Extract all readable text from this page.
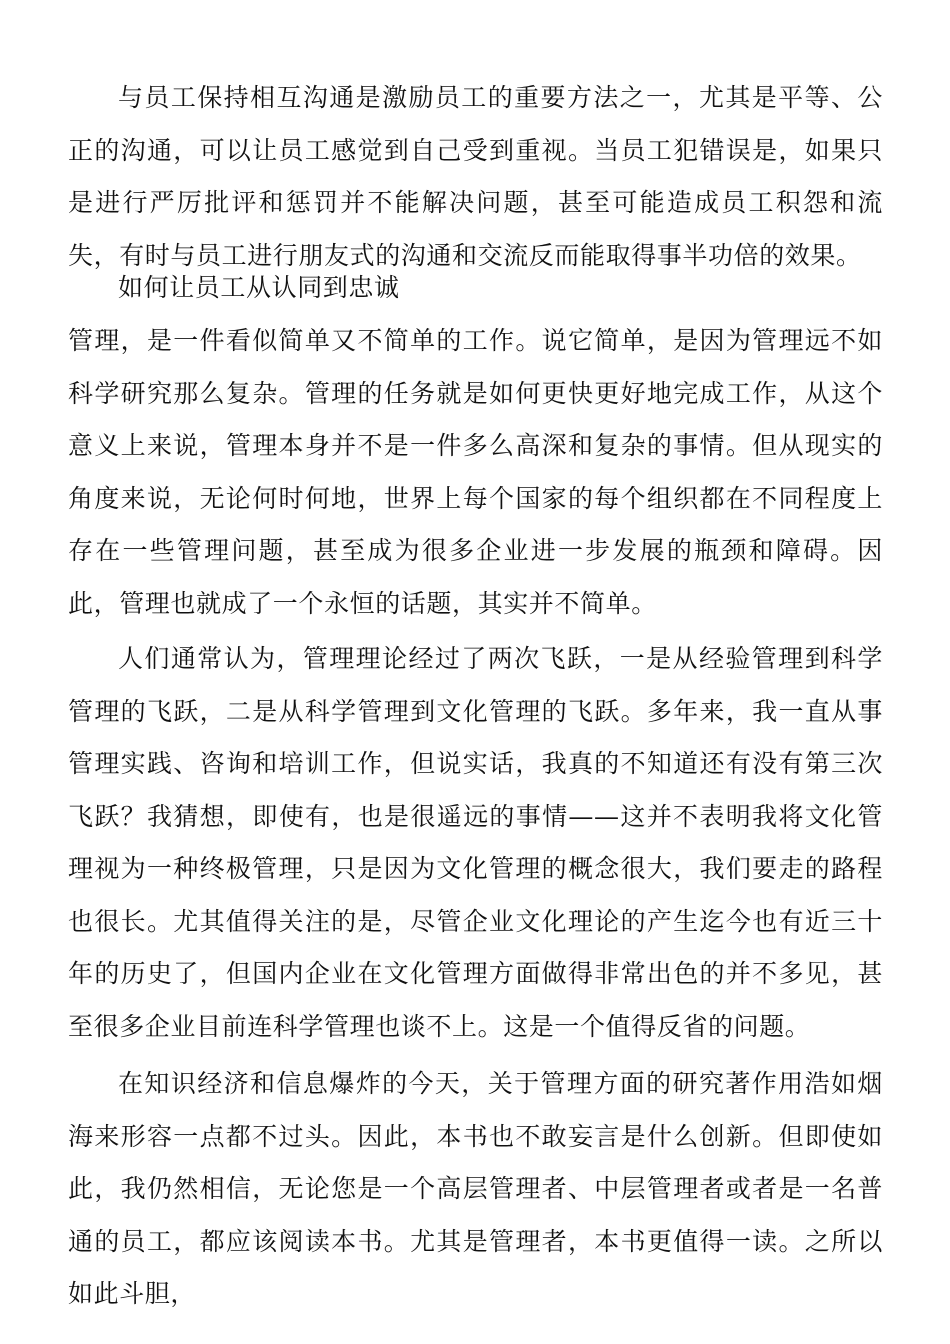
与员工保持相互沟通是激励员工的重要方法之一，尤其是平等、公正的沟通，可以让员工感觉到自己受到重视。当员工犯错误是，如果只是进行严厉批评和惩罚并不能解决问题，甚至可能造成员工积怨和流失，有时与员工进行朋友式的沟通和交流反而能取得事半功倍的效果。

如何让员工从认同到忠诚

管理，是一件看似简单又不简单的工作。说它简单，是因为管理远不如科学研究那么复杂。管理的任务就是如何更快更好地完成工作，从这个意义上来说，管理本身并不是一件多么高深和复杂的事情。但从现实的角度来说，无论何时何地，世界上每个国家的每个组织都在不同程度上存在一些管理问题，甚至成为很多企业进一步发展的瓶颈和障碍。因此，管理也就成了一个永恒的话题，其实并不简单。

人们通常认为，管理理论经过了两次飞跃，一是从经验管理到科学管理的飞跃，二是从科学管理到文化管理的飞跃。多年来，我一直从事管理实践、咨询和培训工作，但说实话，我真的不知道还有没有第三次飞跃？我猜想，即使有，也是很遥远的事情——这并不表明我将文化管理视为一种终极管理，只是因为文化管理的概念很大，我们要走的路程也很长。尤其值得关注的是，尽管企业文化理论的产生迄今也有近三十年的历史了，但国内企业在文化管理方面做得非常出色的并不多见，甚至很多企业目前连科学管理也谈不上。这是一个值得反省的问题。

在知识经济和信息爆炸的今天，关于管理方面的研究著作用浩如烟海来形容一点都不过头。因此，本书也不敢妄言是什么创新。但即使如此，我仍然相信，无论您是一个高层管理者、中层管理者或者是一名普通的员工，都应该阅读本书。尤其是管理者，本书更值得一读。之所以如此斗胆，
